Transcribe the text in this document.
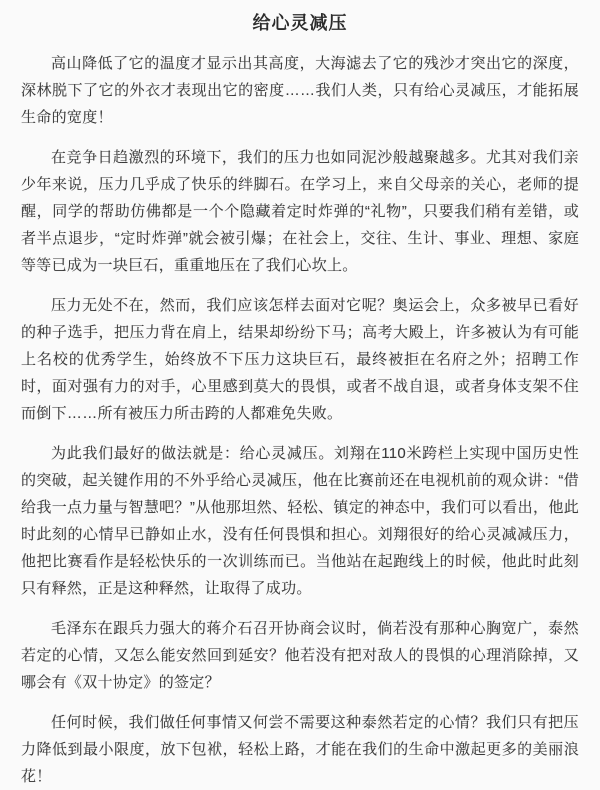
给心灵减压

高山降低了它的温度才显示出其高度，大海滤去了它的残沙才突出它的深度，深林脱下了它的外衣才表现出它的密度……我们人类，只有给心灵减压，才能拓展生命的宽度！

在竞争日趋激烈的环境下，我们的压力也如同泥沙般越聚越多。尤其对我们亲少年来说，压力几乎成了快乐的绊脚石。在学习上，来自父母亲的关心，老师的提醒，同学的帮助仿佛都是一个个隐藏着定时炸弹的“礼物”，只要我们稍有差错，或者半点退步，“定时炸弹”就会被引爆；在社会上，交往、生计、事业、理想、家庭等等已成为一块巨石，重重地压在了我们心坎上。

压力无处不在，然而，我们应该怎样去面对它呢？奥运会上，众多被早已看好的种子选手，把压力背在肩上，结果却纷纷下马；高考大殿上，许多被认为有可能上名校的优秀学生，始终放不下压力这块巨石，最终被拒在名府之外；招聘工作时，面对强有力的对手，心里感到莫大的畏惧，或者不战自退，或者身体支架不住而倒下……所有被压力所击跨的人都难免失败。

为此我们最好的做法就是：给心灵减压。刘翔在110米跨栏上实现中国历史性的突破，起关键作用的不外乎给心灵减压，他在比赛前还在电视机前的观众讲：“借给我一点力量与智慧吧？”从他那坦然、轻松、镇定的神态中，我们可以看出，他此时此刻的心情早已静如止水，没有任何畏惧和担心。刘翔很好的给心灵减减压力，他把比赛看作是轻松快乐的一次训练而已。当他站在起跑线上的时候，他此时此刻只有释然，正是这种释然，让取得了成功。

毛泽东在跟兵力强大的蒋介石召开协商会议时，倘若没有那种心胸宽广，泰然若定的心情，又怎么能安然回到延安？他若没有把对敌人的畏惧的心理消除掉，又哪会有《双十协定》的签定？

任何时候，我们做任何事情又何尝不需要这种泰然若定的心情？我们只有把压力降低到最小限度，放下包袱，轻松上路，才能在我们的生命中激起更多的美丽浪花！
